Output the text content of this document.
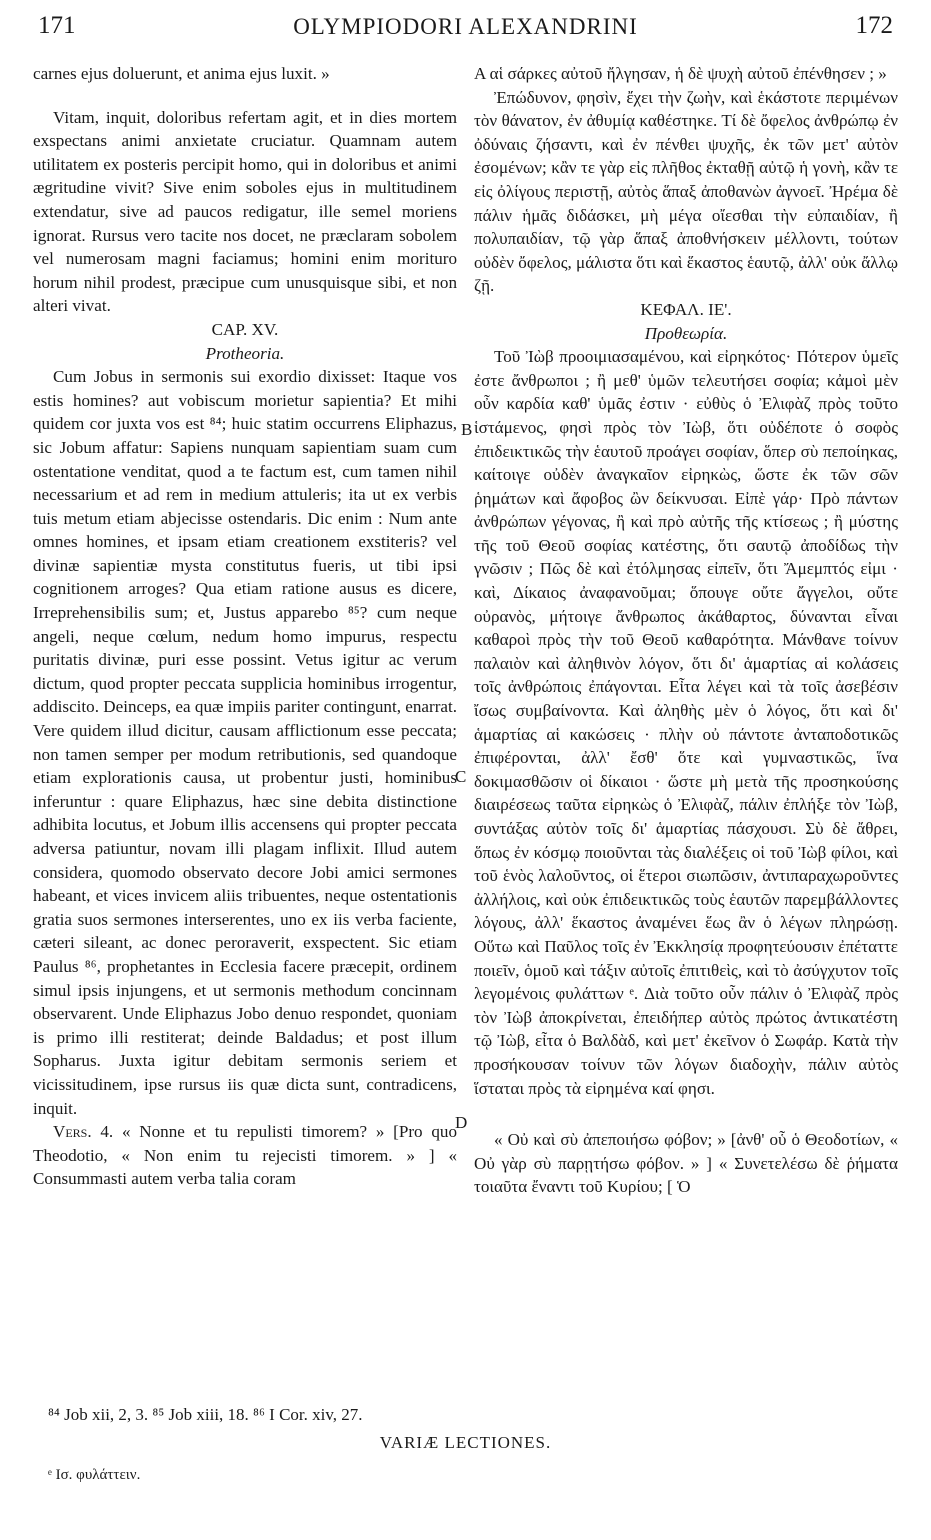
171	OLYMPIODORI ALEXANDRINI	172

carnes ejus doluerunt, et anima ejus luxit. »

Vitam, inquit, doloribus refertam agit, et in dies mortem exspectans animi anxietate cruciatur. Quamnam autem utilitatem ex posteris percipit homo, qui in doloribus et animi ægritudine vivit? Sive enim soboles ejus in multitudinem extendatur, sive ad paucos redigatur, ille semel moriens ignorat. Rursus vero tacite nos docet, ne præclaram sobolem vel numerosam magni faciamus; homini enim morituro horum nihil prodest, præcipue cum unusquisque sibi, et non alteri vivat.

CAP. XV.

Protheoria.

Cum Jobus in sermonis sui exordio dixisset: Itaque vos estis homines? aut vobiscum morietur sapientia? Et mihi quidem cor juxta vos est ⁸⁴; huic statim occurrens Eliphazus, sic Jobum affatur: Sapiens nunquam sapientiam suam cum ostentatione venditat, quod a te factum est, cum tamen nihil necessarium et ad rem in medium attuleris; ita ut ex verbis tuis metum etiam abjecisse ostendaris. Dic enim : Num ante omnes homines, et ipsam etiam creationem exstiteris? vel divinæ sapientiæ mysta constitutus fueris, ut tibi ipsi cognitionem arroges? Qua etiam ratione ausus es dicere, Irreprehensibilis sum; et, Justus apparebo ⁸⁵? cum neque angeli, neque cœlum, nedum homo impurus, respectu puritatis divinæ, puri esse possint. Vetus igitur ac verum dictum, quod propter peccata supplicia hominibus irrogentur, addiscito. Deinceps, ea quæ impiis pariter contingunt, enarrat. Vere quidem illud dicitur, causam afflictionum esse peccata; non tamen semper per modum retributionis, sed quandoque etiam explorationis causa, ut probentur justi, hominibus inferuntur : quare Eliphazus, hæc sine debita distinctione adhibita locutus, et Jobum illis accensens qui propter peccata adversa patiuntur, novam illi plagam inflixit. Illud autem considera, quomodo observato decore Jobi amici sermones habeant, et vices invicem aliis tribuentes, neque ostentationis gratia suos sermones interserentes, uno ex iis verba faciente, cæteri sileant, ac donec peroraverit, exspectent. Sic etiam Paulus ⁸⁶, prophetantes in Ecclesia facere præcepit, ordinem simul ipsis injungens, et ut sermonis methodum concinnam observarent. Unde Eliphazus Jobo denuo respondet, quoniam is primo illi restiterat; deinde Baldadus; et post illum Sopharus. Juxta igitur debitam sermonis seriem et vicissitudinem, ipse rursus iis quæ dicta sunt, contradicens, inquit.

Vers. 4. « Nonne et tu repulisti timorem? » [Pro quo Theodotio, « Non enim tu rejecisti timorem. » ] « Consummasti autem verba talia coram

B
C
D

Α αἱ σάρκες αὐτοῦ ἤλγησαν, ἡ δὲ ψυχὴ αὐτοῦ ἐπένθησεν ; »

Ἐπώδυνον, φησὶν, ἔχει τὴν ζωὴν, καὶ ἑκάστοτε περιμένων τὸν θάνατον, ἐν ἀθυμίᾳ καθέστηκε. Τί δὲ ὄφελος ἀνθρώπῳ ἐν ὀδύναις ζήσαντι, καὶ ἐν πένθει ψυχῆς, ἐκ τῶν μετ' αὐτὸν ἐσομένων; κἂν τε γὰρ εἰς πλῆθος ἐκταθῇ αὐτῷ ἡ γονὴ, κἂν τε εἰς ὀλίγους περιστῇ, αὐτὸς ἅπαξ ἀποθανὼν ἀγνοεῖ. Ἠρέμα δὲ πάλιν ἡμᾶς διδάσκει, μὴ μέγα οἴεσθαι τὴν εὐπαιδίαν, ἢ πολυπαιδίαν, τῷ γὰρ ἅπαξ ἀποθνήσκειν μέλλοντι, τούτων οὐδὲν ὄφελος, μάλιστα ὅτι καὶ ἕκαστος ἑαυτῷ, ἀλλ' οὐκ ἄλλῳ ζῇ.

ΚΕΦΑΛ. ΙΕ'.

Προθεωρία.

Τοῦ Ἰὼβ προοιμιασαμένου, καὶ εἰρηκότος· Πότερον ὑμεῖς ἐστε ἄνθρωποι ; ἢ μεθ' ὑμῶν τελευτήσει σοφία; κἀμοὶ μὲν οὖν καρδία καθ' ὑμᾶς ἐστιν · εὐθὺς ὁ Ἐλιφὰζ πρὸς τοῦτο ἱστάμενος, φησὶ πρὸς τὸν Ἰὼβ, ὅτι οὐδέποτε ὁ σοφὸς ἐπιδεικτικῶς τὴν ἑαυτοῦ προάγει σοφίαν, ὅπερ σὺ πεποίηκας, καίτοιγε οὐδὲν ἀναγκαῖον εἰρηκὼς, ὥστε ἐκ τῶν σῶν ῥημάτων καὶ ἄφοβος ὢν δείκνυσαι. Εἰπὲ γάρ· Πρὸ πάντων ἀνθρώπων γέγονας, ἢ καὶ πρὸ αὐτῆς τῆς κτίσεως ; ἢ μύστης τῆς τοῦ Θεοῦ σοφίας κατέστης, ὅτι σαυτῷ ἀποδίδως τὴν γνῶσιν ; Πῶς δὲ καὶ ἐτόλμησας εἰπεῖν, ὅτι Ἄμεμπτός εἰμι · καὶ, Δίκαιος ἀναφανοῦμαι; ὅπουγε οὔτε ἄγγελοι, οὔτε οὐρανὸς, μήτοιγε ἄνθρωπος ἀκάθαρτος, δύνανται εἶναι καθαροὶ πρὸς τὴν τοῦ Θεοῦ καθαρότητα. Μάνθανε τοίνυν παλαιὸν καὶ ἀληθινὸν λόγον, ὅτι δι' ἁμαρτίας αἱ κολάσεις τοῖς ἀνθρώποις ἐπάγονται. Εἶτα λέγει καὶ τὰ τοῖς ἀσεβέσιν ἴσως συμβαίνοντα. Καὶ ἀληθὴς μὲν ὁ λόγος, ὅτι καὶ δι' ἁμαρτίας αἱ κακώσεις · πλὴν οὐ πάντοτε ἀνταποδοτικῶς ἐπιφέρονται, ἀλλ' ἔσθ' ὅτε καὶ γυμναστικῶς, ἵνα δοκιμασθῶσιν οἱ δίκαιοι · ὥστε μὴ μετὰ τῆς προσηκούσης διαιρέσεως ταῦτα εἰρηκὼς ὁ Ἐλιφὰζ, πάλιν ἐπλήξε τὸν Ἰὼβ, συντάξας αὐτὸν τοῖς δι' ἁμαρτίας πάσχουσι. Σὺ δὲ ἄθρει, ὅπως ἐν κόσμῳ ποιοῦνται τὰς διαλέξεις οἱ τοῦ Ἰὼβ φίλοι, καὶ τοῦ ἑνὸς λαλοῦντος, οἱ ἕτεροι σιωπῶσιν, ἀντιπαραχωροῦντες ἀλλήλοις, καὶ οὐκ ἐπιδεικτικῶς τοὺς ἑαυτῶν παρεμβάλλοντες λόγους, ἀλλ' ἕκαστος ἀναμένει ἕως ἂν ὁ λέγων πληρώσῃ. Οὕτω καὶ Παῦλος τοῖς ἐν Ἐκκλησίᾳ προφητεύουσιν ἐπέταττε ποιεῖν, ὁμοῦ καὶ τάξιν αὐτοῖς ἐπιτιθεὶς, καὶ τὸ ἀσύγχυτον τοῖς λεγομένοις φυλάττων ᵉ. Διὰ τοῦτο οὖν πάλιν ὁ Ἐλιφὰζ πρὸς τὸν Ἰὼβ ἀποκρίνεται, ἐπειδήπερ αὐτὸς πρώτος ἀντικατέστη τῷ Ἰὼβ, εἶτα ὁ Βαλδὰδ, καὶ μετ' ἐκεῖνον ὁ Σωφάρ. Κατὰ τὴν προσήκουσαν τοίνυν τῶν λόγων διαδοχὴν, πάλιν αὐτὸς ἵσταται πρὸς τὰ εἰρημένα καί φησι.

« Οὐ καὶ σὺ ἀπεποιήσω φόβον; » [ἀνθ' οὗ ὁ Θεοδοτίων, « Οὐ γὰρ σὺ παρῃτήσω φόβον. » ] « Συνετελέσω δὲ ῥήματα τοιαῦτα ἔναντι τοῦ Κυρίου; [ Ὁ

⁸⁴ Job xii, 2, 3. ⁸⁵ Job xiii, 18. ⁸⁶ I Cor. xiv, 27.
VARIÆ LECTIONES.
ᵉ Ισ. φυλάττειν.
